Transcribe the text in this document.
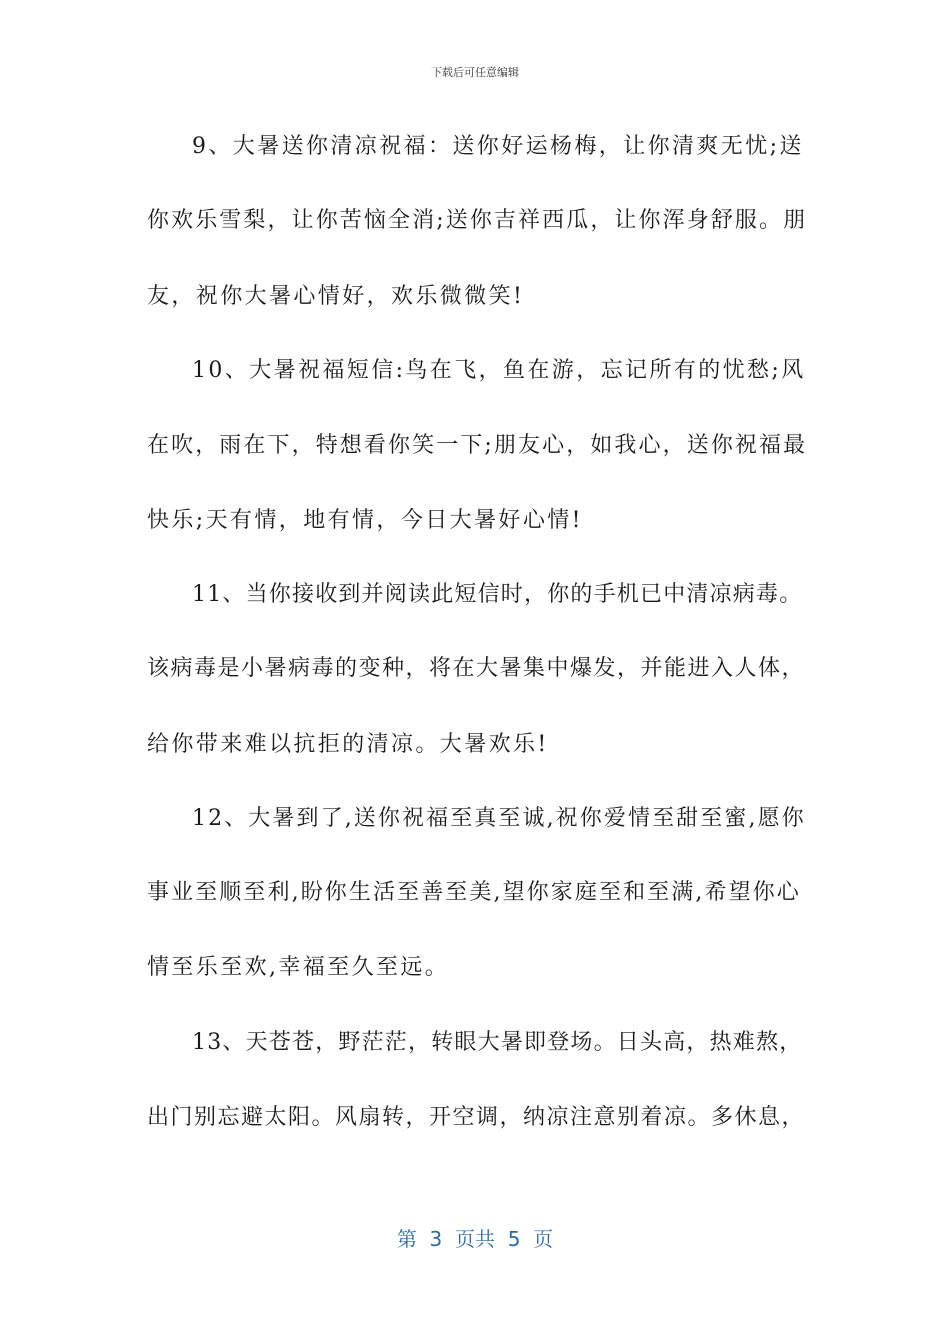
下载后可任意编辑
9、大暑送你清凉祝福：送你好运杨梅，让你清爽无忧;送
你欢乐雪梨，让你苦恼全消;送你吉祥西瓜，让你浑身舒服。朋
友，祝你大暑心情好，欢乐微微笑!
10、大暑祝福短信:鸟在飞，鱼在游，忘记所有的忧愁;风
在吹，雨在下，特想看你笑一下;朋友心，如我心，送你祝福最
快乐;天有情，地有情，今日大暑好心情!
11、当你接收到并阅读此短信时，你的手机已中清凉病毒。
该病毒是小暑病毒的变种，将在大暑集中爆发，并能进入人体，
给你带来难以抗拒的清凉。大暑欢乐!
12、大暑到了,送你祝福至真至诚,祝你爱情至甜至蜜,愿你
事业至顺至利,盼你生活至善至美,望你家庭至和至满,希望你心
情至乐至欢,幸福至久至远。
13、天苍苍，野茫茫，转眼大暑即登场。日头高，热难熬，
出门别忘避太阳。风扇转，开空调，纳凉注意别着凉。多休息，
第  3  页共  5  页
